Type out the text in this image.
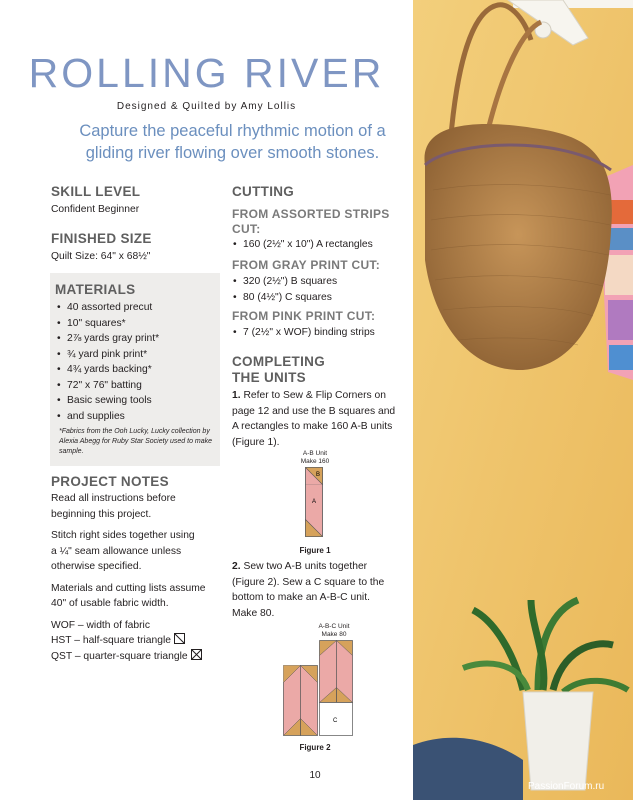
ROLLING RIVER
Designed & Quilted by Amy Lollis
Capture the peaceful rhythmic motion of a
gliding river flowing over smooth stones.
SKILL LEVEL
Confident Beginner
FINISHED SIZE
Quilt Size: 64" x 68½"
MATERIALS
• 40 assorted precut
• 10" squares*
• 2⅞ yards gray print*
• ¾ yard pink print*
• 4¾ yards backing*
• 72" x 76" batting
• Basic sewing tools
• and supplies
*Fabrics from the Ooh Lucky, Lucky collection by
Alexia Abegg for Ruby Star Society used to make
sample.
PROJECT NOTES
Read all instructions before
beginning this project.
Stitch right sides together using
a ¼" seam allowance unless
otherwise specified.
Materials and cutting lists assume
40" of usable fabric width.
WOF – width of fabric
HST – half-square triangle
QST – quarter-square triangle
CUTTING
FROM ASSORTED STRIPS
CUT:
• 160 (2½" x 10") A rectangles
FROM GRAY PRINT CUT:
• 320 (2½") B squares
• 80 (4½") C squares
FROM PINK PRINT CUT:
• 7 (2½" x WOF) binding strips
COMPLETING
THE UNITS
1. Refer to Sew & Flip Corners on
page 12 and use the B squares and
A rectangles to make 160 A-B units
(Figure 1).
A-B Unit
Make 160
B
A
Figure 1
2. Sew two A-B units together
(Figure 2). Sew a C square to the
bottom to make an A-B-C unit.
Make 80.
A-B-C Unit
Make 80
C
Figure 2
10
PassionForum.ru
